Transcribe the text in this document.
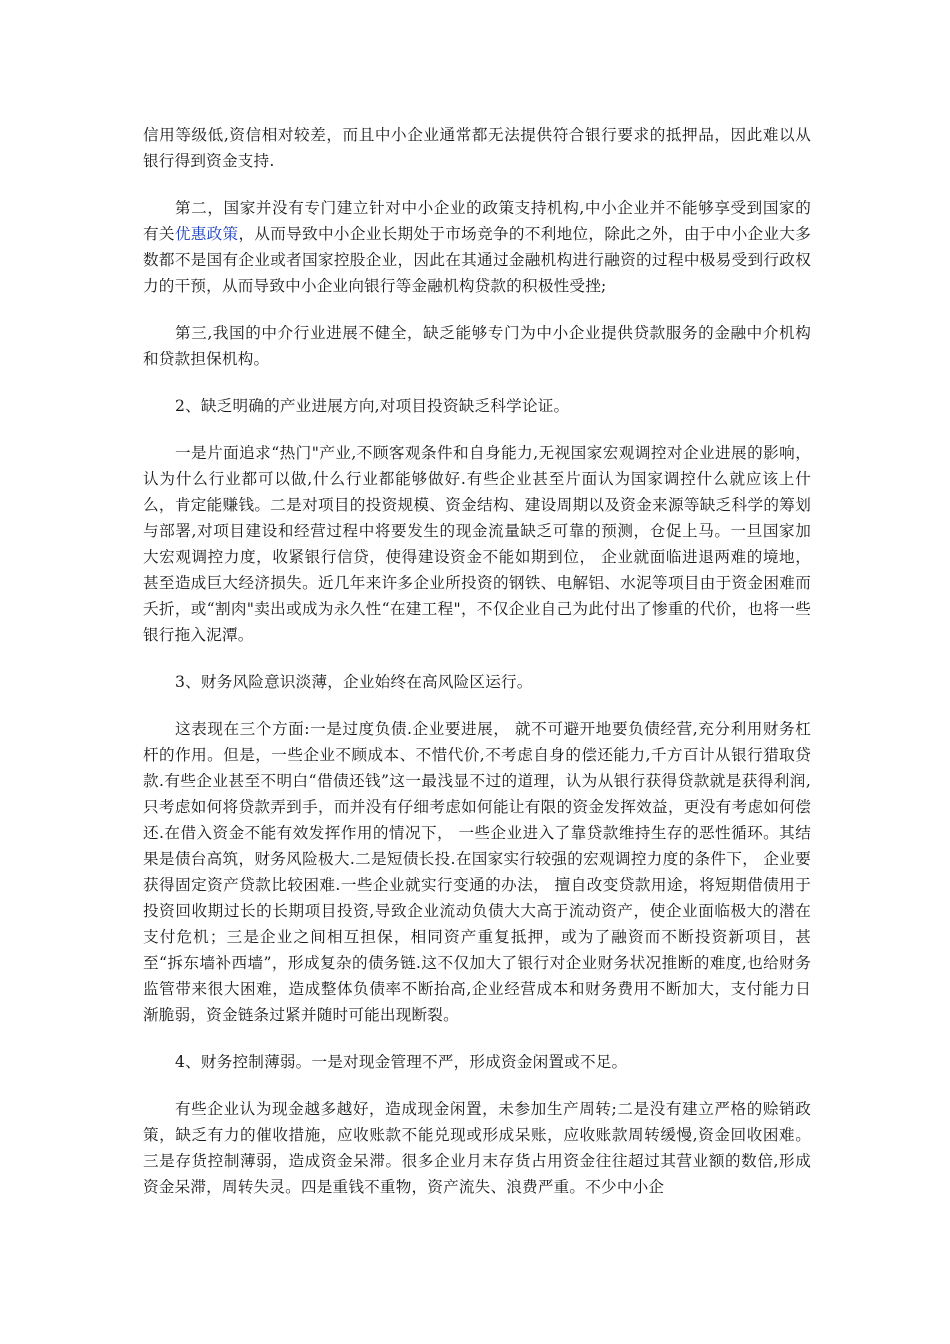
信用等级低,资信相对较差，而且中小企业通常都无法提供符合银行要求的抵押品，因此难以从银行得到资金支持.

第二，国家并没有专门建立针对中小企业的政策支持机构,中小企业并不能够享受到国家的有关优惠政策，从而导致中小企业长期处于市场竞争的不利地位，除此之外，由于中小企业大多数都不是国有企业或者国家控股企业，因此在其通过金融机构进行融资的过程中极易受到行政权力的干预，从而导致中小企业向银行等金融机构贷款的积极性受挫;

第三,我国的中介行业进展不健全，缺乏能够专门为中小企业提供贷款服务的金融中介机构和贷款担保机构。

2、缺乏明确的产业进展方向,对项目投资缺乏科学论证。

一是片面追求“热门"产业,不顾客观条件和自身能力,无视国家宏观调控对企业进展的影响，认为什么行业都可以做,什么行业都能够做好.有些企业甚至片面认为国家调控什么就应该上什么，肯定能赚钱。二是对项目的投资规模、资金结构、建设周期以及资金来源等缺乏科学的筹划与部署,对项目建设和经营过程中将要发生的现金流量缺乏可靠的预测，仓促上马。一旦国家加大宏观调控力度，收紧银行信贷，使得建设资金不能如期到位， 企业就面临进退两难的境地，甚至造成巨大经济损失。近几年来许多企业所投资的钢铁、电解铝、水泥等项目由于资金困难而夭折，或“割肉"卖出或成为永久性“在建工程"，不仅企业自己为此付出了惨重的代价，也将一些银行拖入泥潭。

3、财务风险意识淡薄，企业始终在高风险区运行。

这表现在三个方面:一是过度负债.企业要进展， 就不可避开地要负债经营,充分利用财务杠杆的作用。但是，一些企业不顾成本、不惜代价,不考虑自身的偿还能力,千方百计从银行猎取贷款.有些企业甚至不明白“借债还钱”这一最浅显不过的道理，认为从银行获得贷款就是获得利润,只考虑如何将贷款弄到手，而并没有仔细考虑如何能让有限的资金发挥效益，更没有考虑如何偿还.在借入资金不能有效发挥作用的情况下， 一些企业进入了靠贷款维持生存的恶性循环。其结果是债台高筑，财务风险极大.二是短债长投.在国家实行较强的宏观调控力度的条件下， 企业要获得固定资产贷款比较困难.一些企业就实行变通的办法， 擅自改变贷款用途，将短期借债用于投资回收期过长的长期项目投资,导致企业流动负债大大高于流动资产，使企业面临极大的潜在支付危机；三是企业之间相互担保，相同资产重复抵押，或为了融资而不断投资新项目，甚至“拆东墙补西墙”，形成复杂的债务链.这不仅加大了银行对企业财务状况推断的难度,也给财务监管带来很大困难，造成整体负债率不断抬高,企业经营成本和财务费用不断加大，支付能力日渐脆弱，资金链条过紧并随时可能出现断裂。

4、财务控制薄弱。一是对现金管理不严，形成资金闲置或不足。

有些企业认为现金越多越好，造成现金闲置，未参加生产周转;二是没有建立严格的赊销政策，缺乏有力的催收措施，应收账款不能兑现或形成呆账，应收账款周转缓慢,资金回收困难。三是存货控制薄弱，造成资金呆滞。很多企业月末存货占用资金往往超过其营业额的数倍,形成资金呆滞，周转失灵。四是重钱不重物，资产流失、浪费严重。不少中小企
